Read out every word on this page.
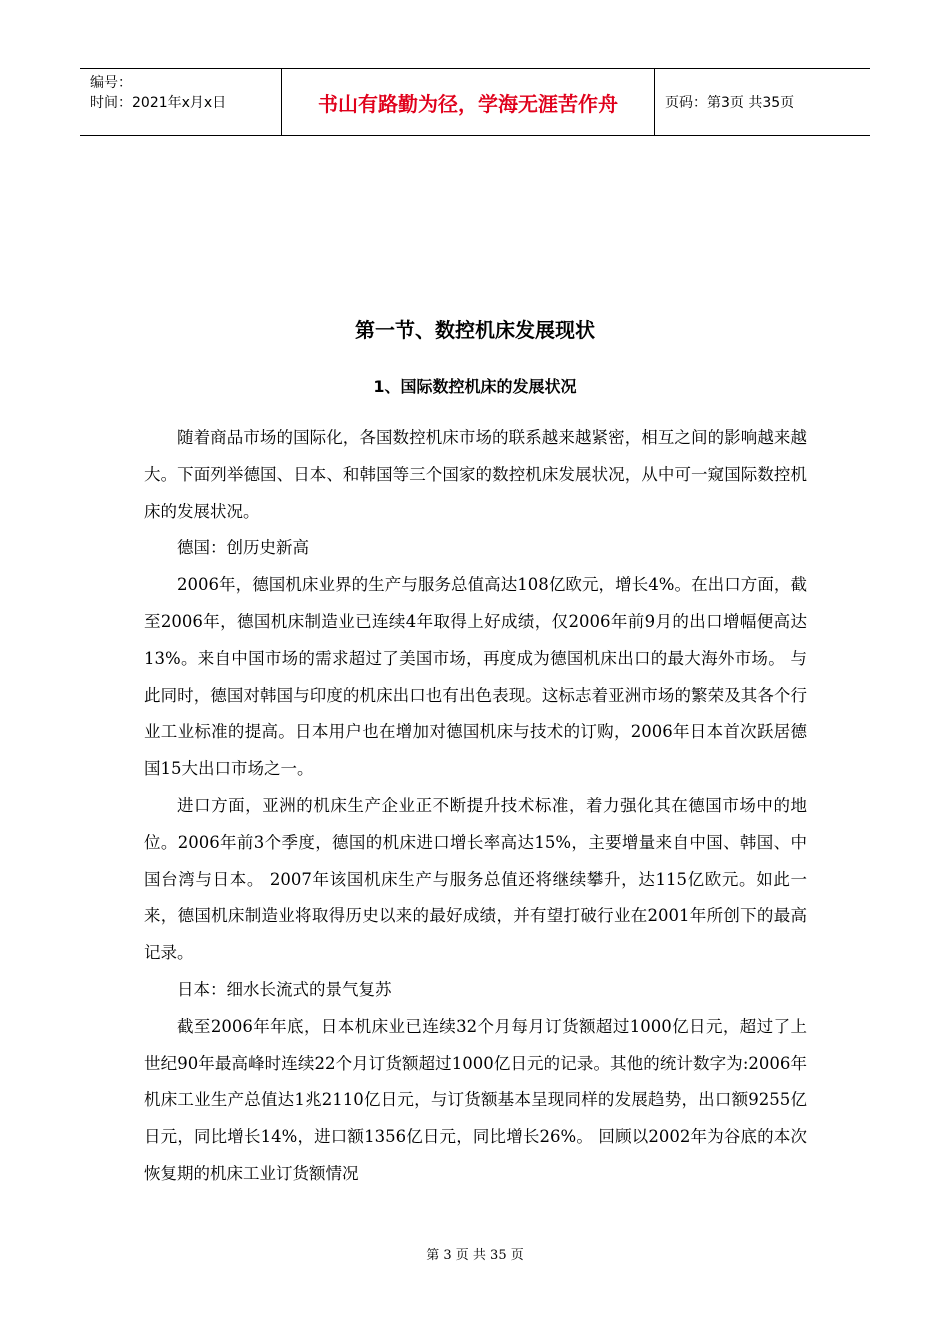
编号：
时间：2021年x月x日	书山有路勤为径，学海无涯苦作舟	页码：第3页 共35页
第一节、数控机床发展现状
1、国际数控机床的发展状况

随着商品市场的国际化，各国数控机床市场的联系越来越紧密，相互之间的影响越来越大。下面列举德国、日本、和韩国等三个国家的数控机床发展状况，从中可一窥国际数控机床的发展状况。

德国：创历史新高

2006年，德国机床业界的生产与服务总值高达108亿欧元，增长4%。在出口方面，截至2006年，德国机床制造业已连续4年取得上好成绩，仅2006年前9月的出口增幅便高达13%。来自中国市场的需求超过了美国市场，再度成为德国机床出口的最大海外市场。 与此同时，德国对韩国与印度的机床出口也有出色表现。这标志着亚洲市场的繁荣及其各个行业工业标准的提高。日本用户也在增加对德国机床与技术的订购，2006年日本首次跃居德国15大出口市场之一。

进口方面，亚洲的机床生产企业正不断提升技术标准，着力强化其在德国市场中的地位。2006年前3个季度，德国的机床进口增长率高达15%，主要增量来自中国、韩国、中国台湾与日本。 2007年该国机床生产与服务总值还将继续攀升，达115亿欧元。如此一来，德国机床制造业将取得历史以来的最好成绩，并有望打破行业在2001年所创下的最高记录。

日本：细水长流式的景气复苏

截至2006年年底，日本机床业已连续32个月每月订货额超过1000亿日元，超过了上世纪90年最高峰时连续22个月订货额超过1000亿日元的记录。其他的统计数字为:2006年机床工业生产总值达1兆2110亿日元，与订货额基本呈现同样的发展趋势，出口额9255亿日元，同比增长14%，进口额1356亿日元，同比增长26%。 回顾以2002年为谷底的本次恢复期的机床工业订货额情况

第 3 页 共 35 页
